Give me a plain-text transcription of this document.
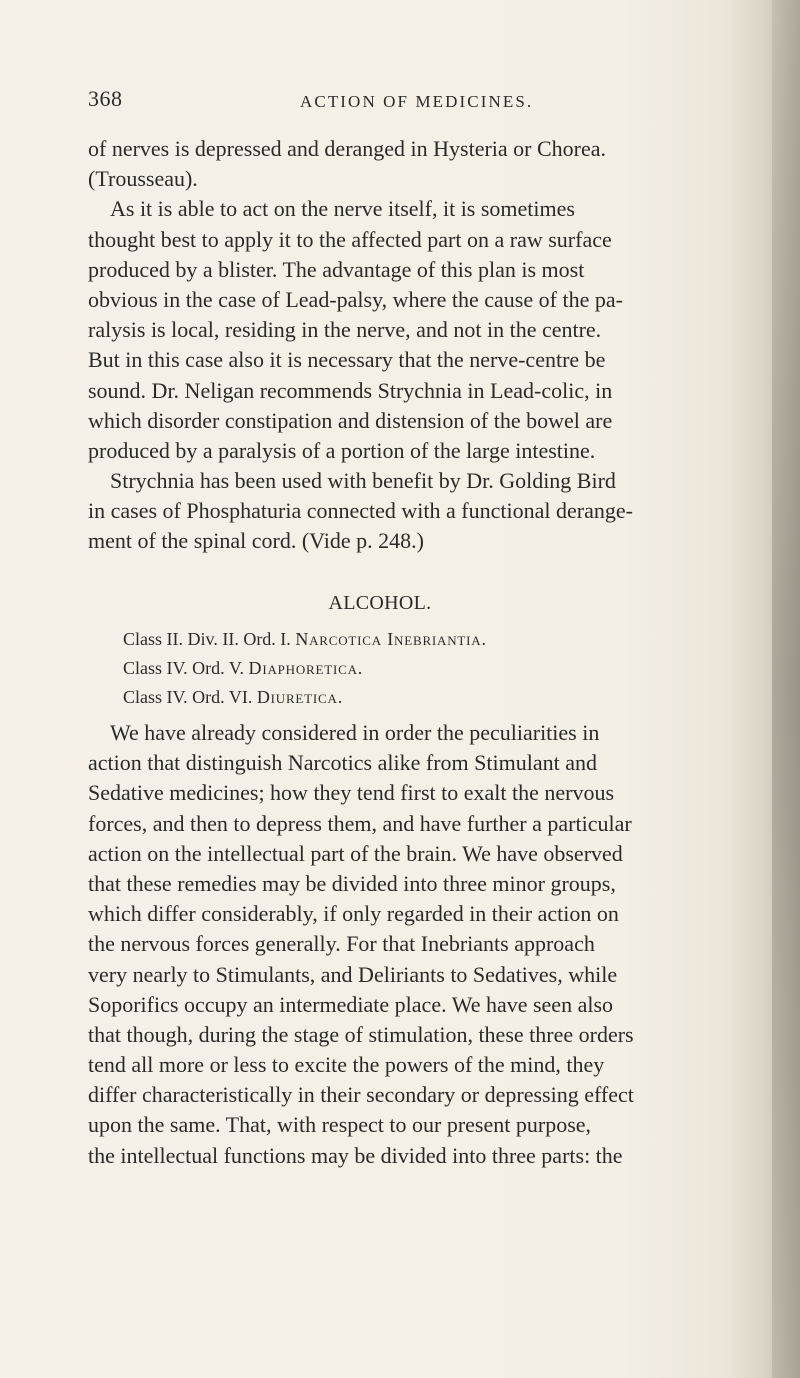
368	ACTION OF MEDICINES.
of nerves is depressed and deranged in Hysteria or Chorea.
(Trousseau).
As it is able to act on the nerve itself, it is sometimes
thought best to apply it to the affected part on a raw surface
produced by a blister. The advantage of this plan is most
obvious in the case of Lead-palsy, where the cause of the pa-
ralysis is local, residing in the nerve, and not in the centre.
But in this case also it is necessary that the nerve-centre be
sound. Dr. Neligan recommends Strychnia in Lead-colic, in
which disorder constipation and distension of the bowel are
produced by a paralysis of a portion of the large intestine.
Strychnia has been used with benefit by Dr. Golding Bird
in cases of Phosphaturia connected with a functional derange-
ment of the spinal cord. (Vide p. 248.)
ALCOHOL.
Class II. Div. II. Ord. I. Narcotica Inebriantia.
Class IV. Ord. V. Diaphoretica.
Class IV. Ord. VI. Diuretica.
We have already considered in order the peculiarities in
action that distinguish Narcotics alike from Stimulant and
Sedative medicines; how they tend first to exalt the nervous
forces, and then to depress them, and have further a particular
action on the intellectual part of the brain. We have observed
that these remedies may be divided into three minor groups,
which differ considerably, if only regarded in their action on
the nervous forces generally. For that Inebriants approach
very nearly to Stimulants, and Deliriants to Sedatives, while
Soporifics occupy an intermediate place. We have seen also
that though, during the stage of stimulation, these three orders
tend all more or less to excite the powers of the mind, they
differ characteristically in their secondary or depressing effect
upon the same. That, with respect to our present purpose,
the intellectual functions may be divided into three parts: the
